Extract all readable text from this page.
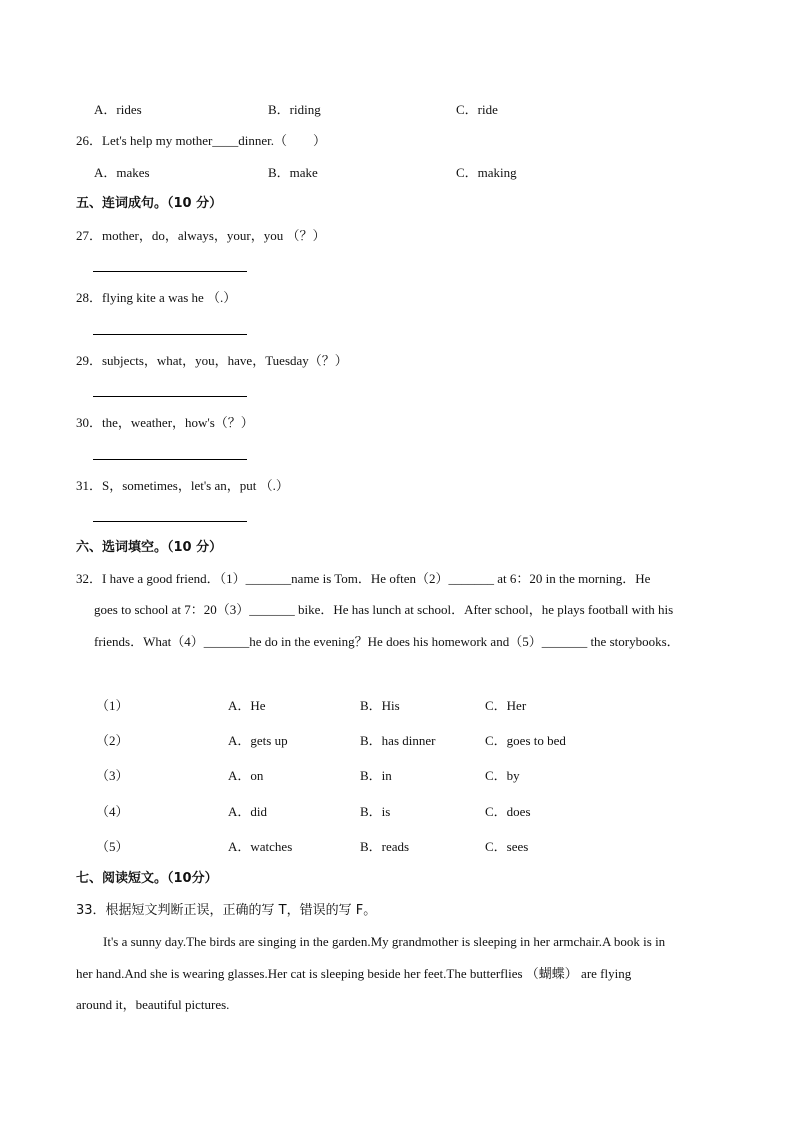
A．rides	B．riding	C．ride
26．Let's help my mother____dinner.（　　）
A．makes	B．make	C．making
五、连词成句。（10 分）
27．mother，do，always，your，you （？）
28．flying kite a was he （.）
29．subjects，what，you，have，Tuesday（？）
30．the，weather，how's（？）
31．S，sometimes，let's an，put （.）
六、选词填空。（10 分）
32．I have a good friend．（1）_______name is Tom．He often（2）_______ at 6：20 in the morning．He
goes to school at 7：20（3）_______ bike．He has lunch at school．After school，he plays football with his
friends．What（4）_______he do in the evening？He does his homework and（5）_______ the storybooks．
（1）	A．He	B．His	C．Her
（2）	A．gets up	B．has dinner	C．goes to bed
（3）	A．on	B．in	C．by
（4）	A．did	B．is	C．does
（5）	A．watches	B．reads	C．sees
七、阅读短文。（10分）
33．根据短文判断正误，正确的写 T，错误的写 F。
It's a sunny day.The birds are singing in the garden.My grandmother is sleeping in her armchair.A book is in
her hand.And she is wearing glasses.Her cat is sleeping beside her feet.The butterflies （蝴蝶） are flying
around it，beautiful pictures.
